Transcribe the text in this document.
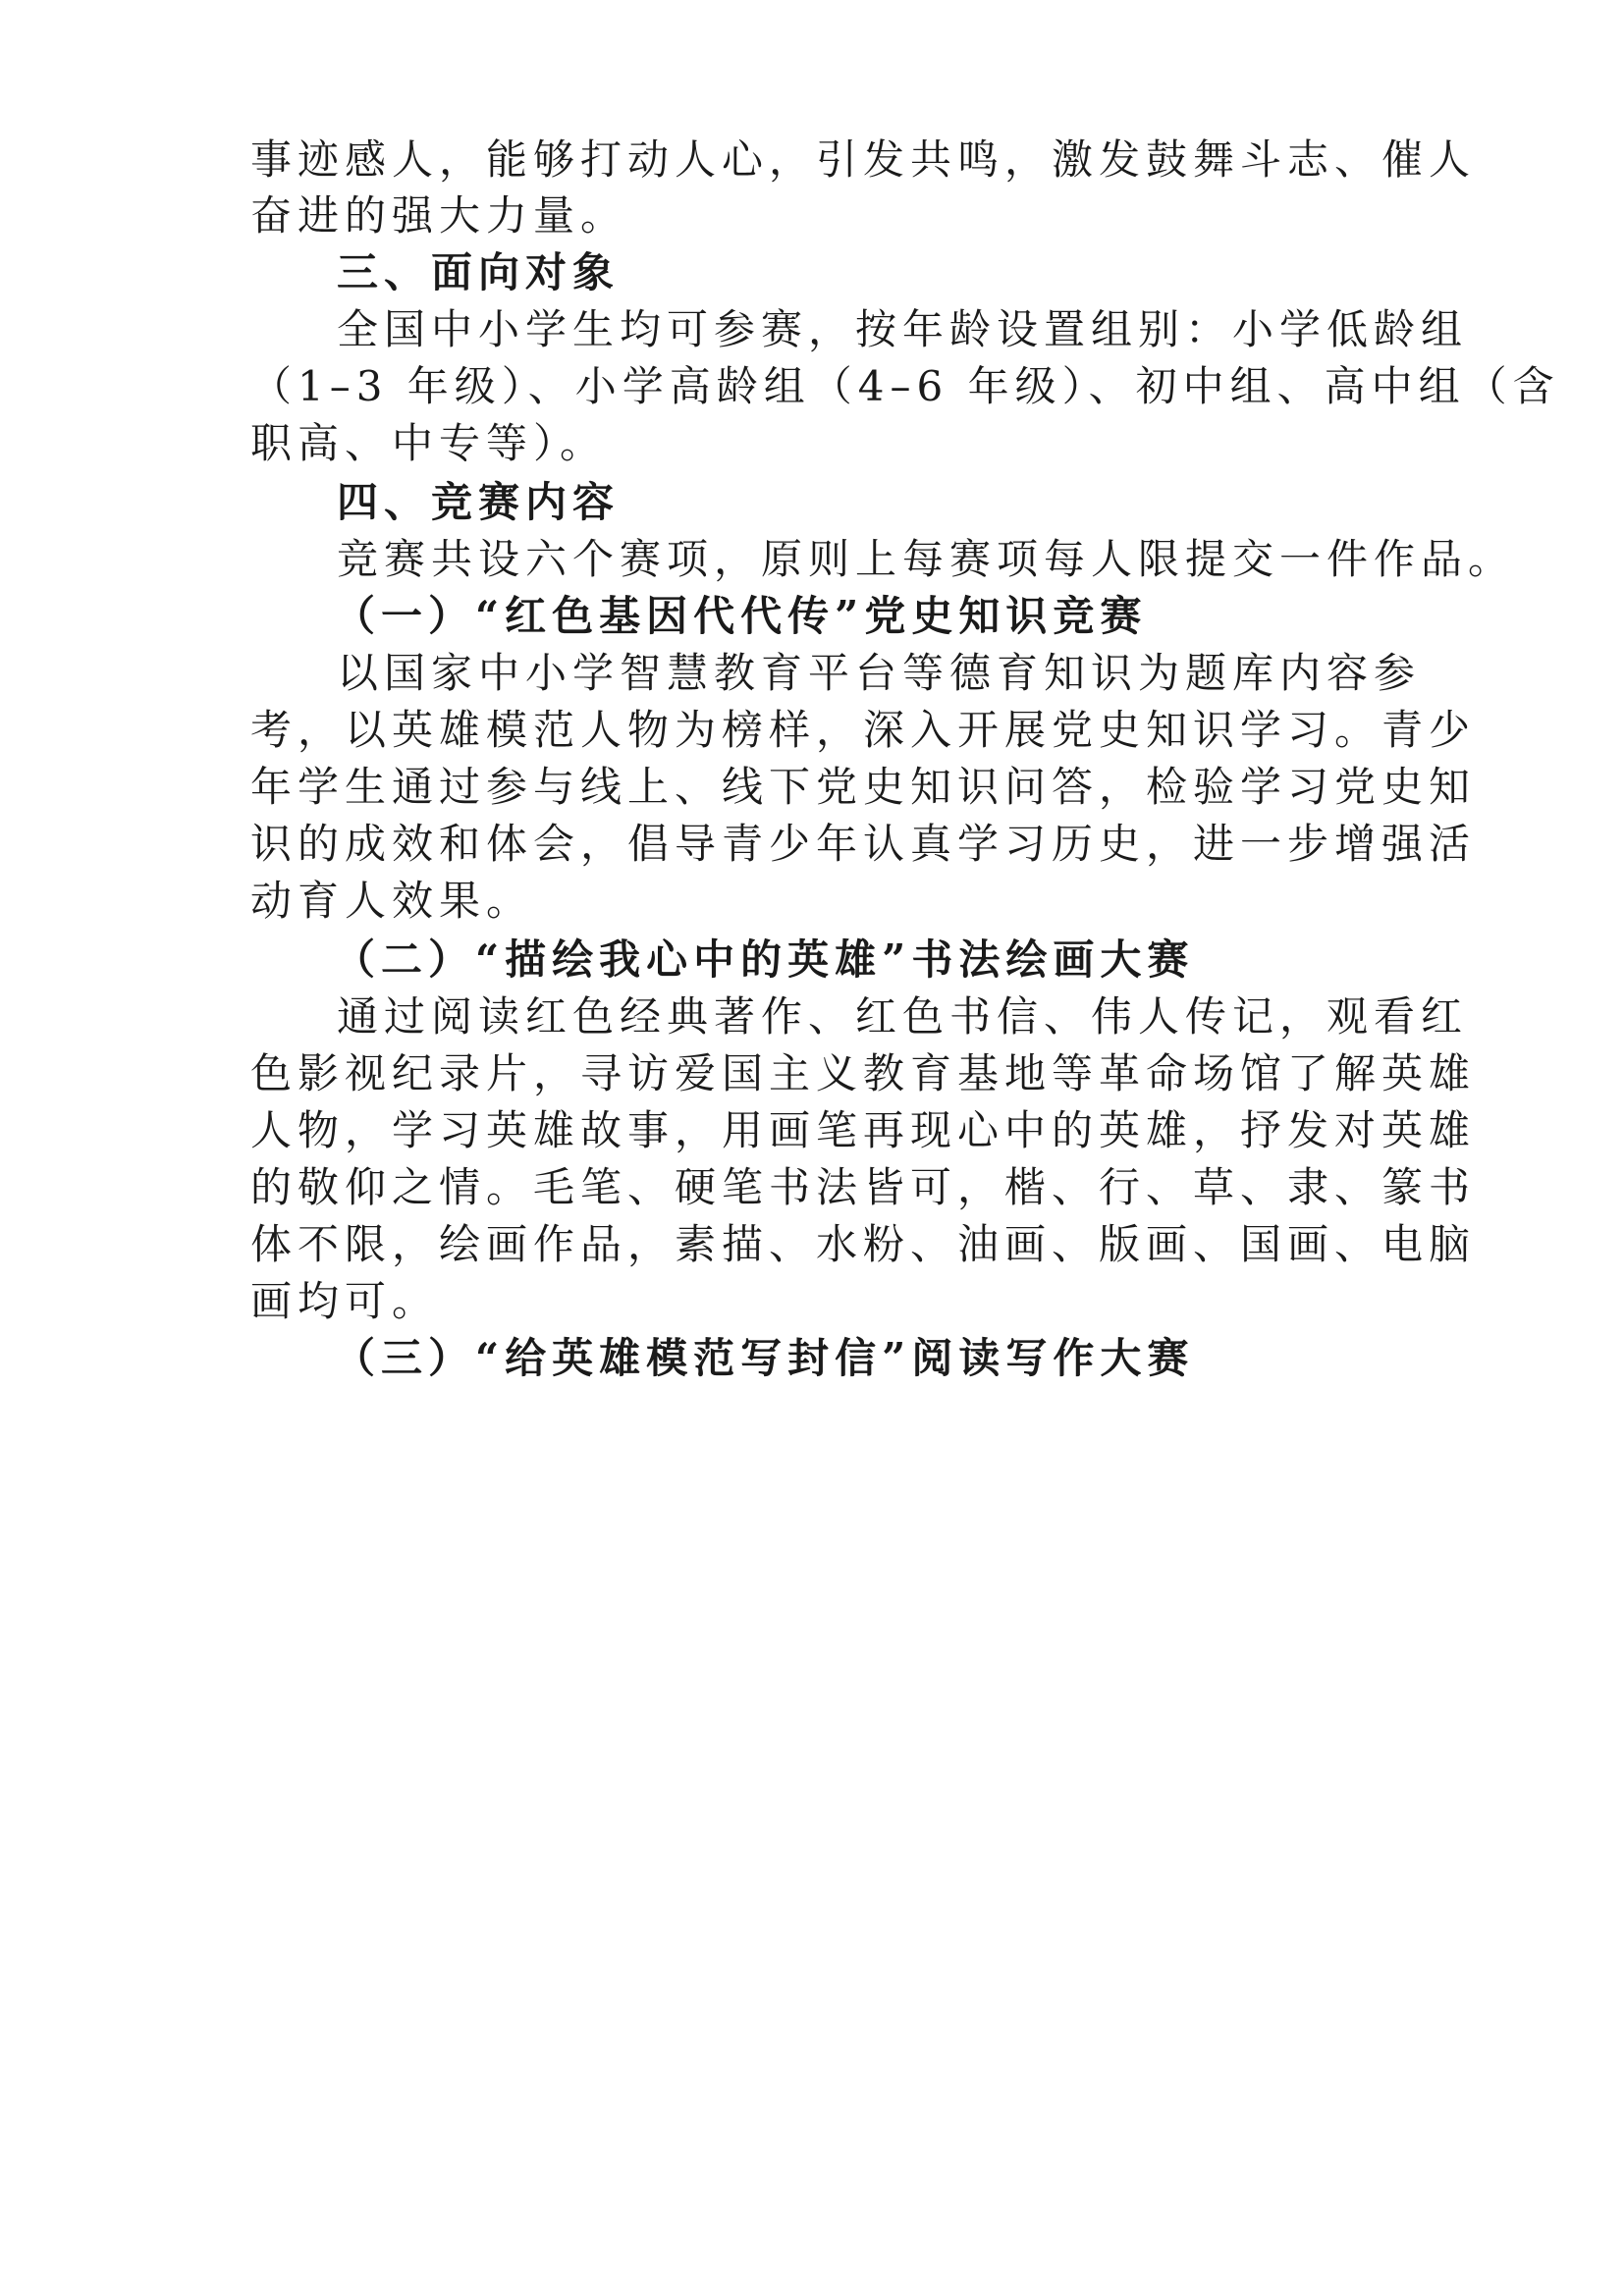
事迹感人，能够打动人心，引发共鸣，激发鼓舞斗志、催人
奋进的强大力量。
三、面向对象
全国中小学生均可参赛，按年龄设置组别：小学低龄组
（1–3 年级）、小学高龄组（4–6 年级）、初中组、高中组（含
职高、中专等）。
四、竞赛内容
竞赛共设六个赛项，原则上每赛项每人限提交一件作品。
（一）“红色基因代代传”党史知识竞赛
以国家中小学智慧教育平台等德育知识为题库内容参
考，以英雄模范人物为榜样，深入开展党史知识学习。青少
年学生通过参与线上、线下党史知识问答，检验学习党史知
识的成效和体会，倡导青少年认真学习历史，进一步增强活
动育人效果。
（二）“描绘我心中的英雄”书法绘画大赛
通过阅读红色经典著作、红色书信、伟人传记，观看红
色影视纪录片，寻访爱国主义教育基地等革命场馆了解英雄
人物，学习英雄故事，用画笔再现心中的英雄，抒发对英雄
的敬仰之情。毛笔、硬笔书法皆可，楷、行、草、隶、篆书
体不限，绘画作品，素描、水粉、油画、版画、国画、电脑
画均可。
（三）“给英雄模范写封信”阅读写作大赛
